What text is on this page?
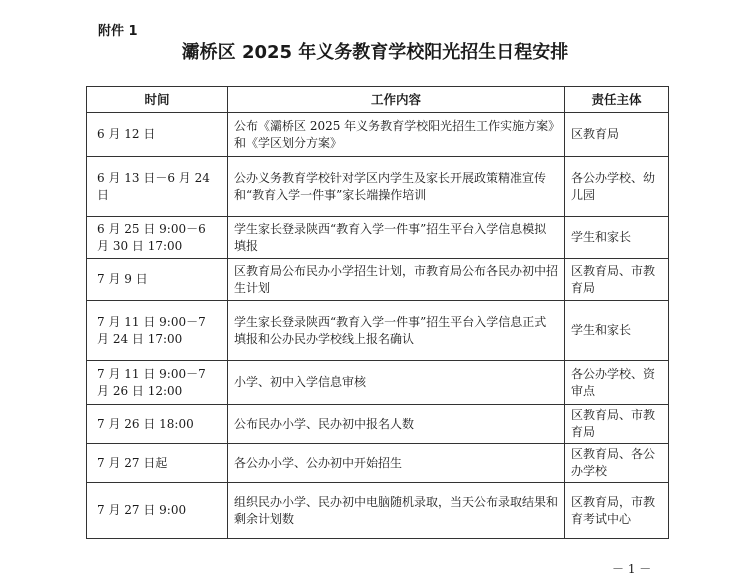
附件 1
灞桥区 2025 年义务教育学校阳光招生日程安排
时间	工作内容	责任主体
6 月 12 日	公布《灞桥区 2025 年义务教育学校阳光招生工作实施方案》和《学区划分方案》	区教育局
6 月 13 日－6 月 24 日	公办义务教育学校针对学区内学生及家长开展政策精准宣传和“教育入学一件事”家长端操作培训	各公办学校、幼儿园
6 月 25 日 9:00－6 月 30 日 17:00	学生家长登录陕西“教育入学一件事”招生平台入学信息模拟填报	学生和家长
7 月 9 日	区教育局公布民办小学招生计划，市教育局公布各民办初中招生计划	区教育局、市教育局
7 月 11 日 9:00－7 月 24 日 17:00	学生家长登录陕西“教育入学一件事”招生平台入学信息正式填报和公办民办学校线上报名确认	学生和家长
7 月 11 日 9:00－7 月 26 日 12:00	小学、初中入学信息审核	各公办学校、资审点
7 月 26 日 18:00	公布民办小学、民办初中报名人数	区教育局、市教育局
7 月 27 日起	各公办小学、公办初中开始招生	区教育局、各公办学校
7 月 27 日 9:00	组织民办小学、民办初中电脑随机录取，当天公布录取结果和剩余计划数	区教育局，市教育考试中心
－ 1 －
